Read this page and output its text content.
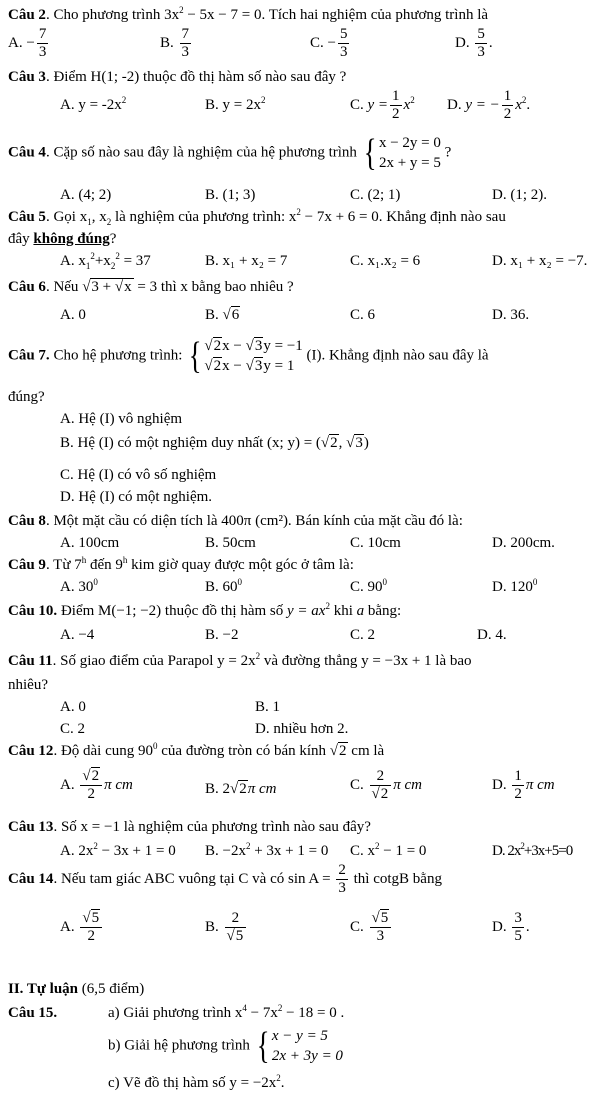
Câu 2. Cho phương trình $3x^2 - 5x - 7 = 0$. Tích hai nghiệm của phương trình là
A. − $\frac{7}{3}$	B. $\frac{7}{3}$	C. − $\frac{5}{3}$	D. $\frac{5}{3}$ .
Câu 3. Điểm H(1; -2) thuộc đồ thị hàm số nào sau đây ?
A. $y = -2x^2$	B. $y = 2x^2$	C. $y = \frac{1}{2} x^2$ D. y = − $\frac{1}{2} x^2$.
Câu 4. Cặp số nào sau đây là nghiệm của hệ phương trình { x − 2y = 0
2x + y = 5
?
A. (4; 2)	B. (1; 3)	C. (2; 1)	D. (1; 2).
Câu 5. Gọi $x_1$, $x_2$ là nghiệm của phương trình: $x^2 - 7x + 6 = 0$. Khẳng định nào sau
đây không đúng?
A. $x_1^2+x_2^2 = 37$	B. x₁ + x₂ = 7	C. x₁.x₂ = 6	D. x₁ + x₂ = −7.
Câu 6. Nếu √3 + √x = 3 thì x bằng bao nhiêu ?
A. 0	B. √6	C. 6	D. 36.
Câu 7. Cho hệ phương trình: { √2x − √3y = −1
√2x − √3y = 1
(I). Khẳng định nào sau đây là
đúng?
A. Hệ (I) vô nghiệm
B. Hệ (I) có một nghiệm duy nhất (x; y) = (√2, √3)
C. Hệ (I) có vô số nghiệm
D. Hệ (I) có một nghiệm.
Câu 8. Một mặt cầu có diện tích là 400π (cm²). Bán kính của mặt cầu đó là:
A. 100cm	B. 50cm	C. 10cm	D. 200cm.
Câu 9. Từ 7$^h$ đến 9$^h$ kim giờ quay được một góc ở tâm là:
A. $30^0$	B. $60^0$	C. $90^0$	D. $120^0$
Câu 10. Điểm M(−1; −2) thuộc đồ thị hàm số $y = ax^2$ khi a bằng:
A. −4	B. −2	C. 2	D. 4.
Câu 11. Số giao điểm của Parapol $y = 2x^2$ và đường thẳng y = −3x + 1 là bao
nhiêu?
A. 0	B. 1
C. 2	D. nhiều hơn 2.
Câu 12. Độ dài cung $90^0$ của đường tròn có bán kính √2 cm là
A. $\frac{√2}{2}$ π cm	B. 2√2π cm	C. $\frac{2}{√2}$ π cm	D. $\frac{1}{2}$ π cm
Câu 13. Số x = −1 là nghiệm của phương trình nào sau đây?
A. $2x^2 - 3x + 1 = 0$ B. $-2x^2 + 3x + 1 = 0$ C. $x^2 - 1 = 0$	D. $2x^2+3x+5=0$
Câu 14. Nếu tam giác ABC vuông tại C và có $\sin A = \frac{2}{3}$ thì cotgB bằng
A. $\frac{√5}{2}$	B. $\frac{2}{√5}$	C. $\frac{√5}{3}$	D. $\frac{3}{5}$ .
II. Tự luận (6,5 điểm)
Câu 15.	a) Giải phương trình $x^4 - 7x^2 - 18 = 0$ .
b) Giải hệ phương trình { x − y = 5
2x + 3y = 0
c) Vẽ đồ thị hàm số $y = -2x^2$.
